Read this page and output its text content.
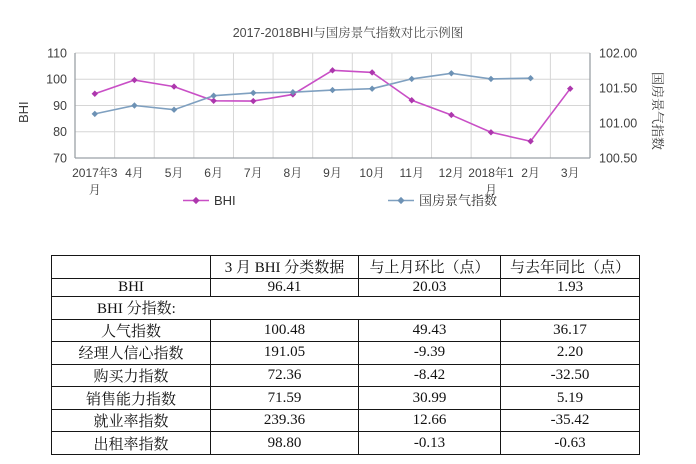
2017-2018BHI与国房景气指数对比示例图
BHI	国房景气指数
110
100
90
80
70
102.00
101.50
101.00
100.50
2017年3
月
4月 5月 6月 7月 8月 9月 10月 11月 12月 2018年1
月
2月 3月
BHI	国房景气指数
	3 月 BHI 分类数据	与上月环比（点）	与去年同比（点）
BHI	96.41	20.03	1.93
BHI 分指数:			
人气指数	100.48	49.43	36.17
经理人信心指数	191.05	-9.39	2.20
购买力指数	72.36	-8.42	-32.50
销售能力指数	71.59	30.99	5.19
就业率指数	239.36	12.66	-35.42
出租率指数	98.80	-0.13	-0.63
